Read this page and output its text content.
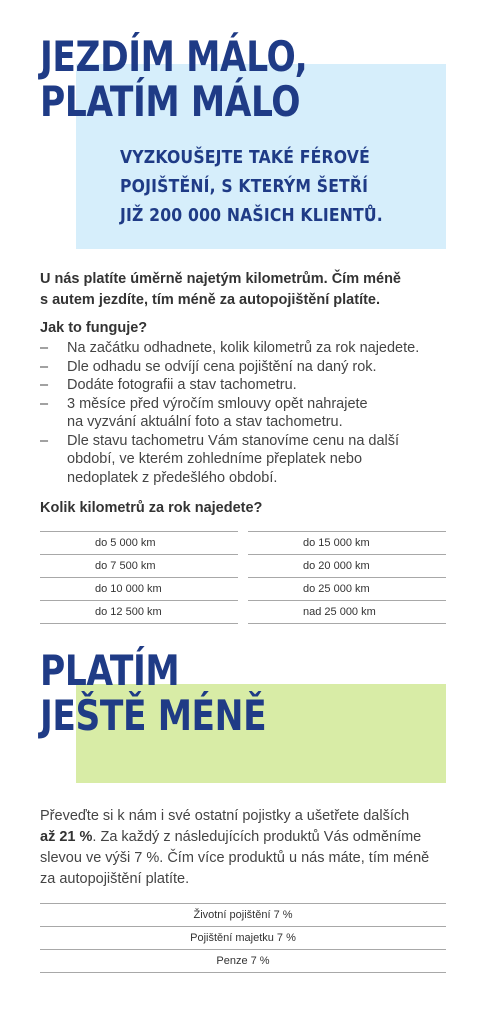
JEZDÍM MÁLO,
PLATÍM MÁLO
VYZKOUŠEJTE TAKÉ FÉROVÉ
POJIŠTĚNÍ, S KTERÝM ŠETŘÍ
JIŽ 200 000 NAŠICH KLIENTŮ.
U nás platíte úměrně najetým kilometrům. Čím méně
s autem jezdíte, tím méně za autopojištění platíte.
Jak to funguje?
– Na začátku odhadnete, kolik kilometrů za rok najedete.
– Dle odhadu se odvíjí cena pojištění na daný rok.
– Dodáte fotografii a stav tachometru.
– 3 měsíce před výročím smlouvy opět nahrajete
na vyzvání aktuální foto a stav tachometru.
– Dle stavu tachometru Vám stanovíme cenu na další
období, ve kterém zohledníme přeplatek nebo
nedoplatek z předešlého období.
Kolik kilometrů za rok najedete?
do 5 000 km
do 7 500 km
do 10 000 km
do 12 500 km
do 15 000 km
do 20 000 km
do 25 000 km
nad 25 000 km
PLATÍM
JEŠTĚ MÉNĚ
Převeďte si k nám i své ostatní pojistky a ušetřete dalších
až 21 %. Za každý z následujících produktů Vás odměníme
slevou ve výši 7 %. Čím více produktů u nás máte, tím méně
za autopojištění platíte.
Životní pojištění 7 %
Pojištění majetku 7 %
Penze 7 %
